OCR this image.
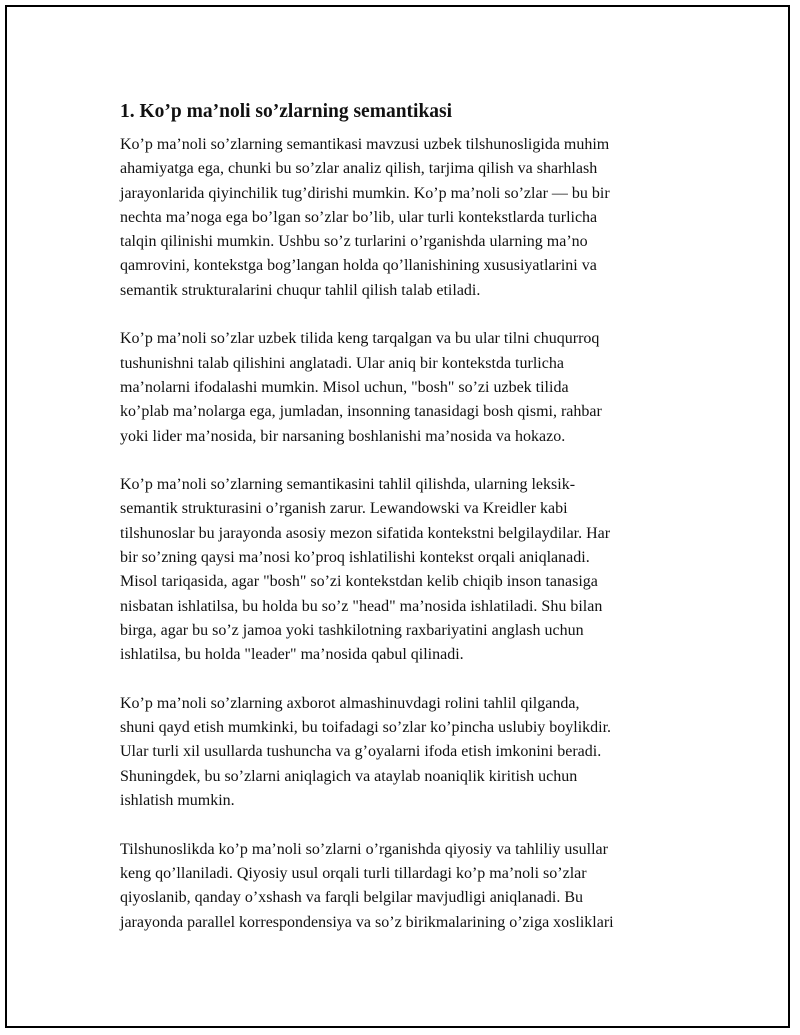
1. Ko’p ma’noli so’zlarning semantikasi
Ko’p ma’noli so’zlarning semantikasi mavzusi uzbek tilshunosligida muhim
ahamiyatga ega, chunki bu so’zlar analiz qilish, tarjima qilish va sharhlash
jarayonlarida qiyinchilik tug’dirishi mumkin. Ko’p ma’noli so’zlar — bu bir
nechta ma’noga ega bo’lgan so’zlar bo’lib, ular turli kontekstlarda turlicha
talqin qilinishi mumkin. Ushbu so’z turlarini o’rganishda ularning ma’no
qamrovini, kontekstga bog’langan holda qo’llanishining xususiyatlarini va
semantik strukturalarini chuqur tahlil qilish talab etiladi.
Ko’p ma’noli so’zlar uzbek tilida keng tarqalgan va bu ular tilni chuqurroq
tushunishni talab qilishini anglatadi. Ular aniq bir kontekstda turlicha
ma’nolarni ifodalashi mumkin. Misol uchun, "bosh" so’zi uzbek tilida
ko’plab ma’nolarga ega, jumladan, insonning tanasidagi bosh qismi, rahbar
yoki lider ma’nosida, bir narsaning boshlanishi ma’nosida va hokazo.
Ko’p ma’noli so’zlarning semantikasini tahlil qilishda, ularning leksik-
semantik strukturasini o’rganish zarur. Lewandowski va Kreidler kabi
tilshunoslar bu jarayonda asosiy mezon sifatida kontekstni belgilaydilar. Har
bir so’zning qaysi ma’nosi ko’proq ishlatilishi kontekst orqali aniqlanadi.
Misol tariqasida, agar "bosh" so’zi kontekstdan kelib chiqib inson tanasiga
nisbatan ishlatilsa, bu holda bu so’z "head" ma’nosida ishlatiladi. Shu bilan
birga, agar bu so’z jamoa yoki tashkilotning raxbariyatini anglash uchun
ishlatilsa, bu holda "leader" ma’nosida qabul qilinadi.
Ko’p ma’noli so’zlarning axborot almashinuvdagi rolini tahlil qilganda,
shuni qayd etish mumkinki, bu toifadagi so’zlar ko’pincha uslubiy boylikdir.
Ular turli xil usullarda tushuncha va g’oyalarni ifoda etish imkonini beradi.
Shuningdek, bu so’zlarni aniqlagich va ataylab noaniqlik kiritish uchun
ishlatish mumkin.
Tilshunoslikda ko’p ma’noli so’zlarni o’rganishda qiyosiy va tahliliy usullar
keng qo’llaniladi. Qiyosiy usul orqali turli tillardagi ko’p ma’noli so’zlar
qiyoslanib, qanday o’xshash va farqli belgilar mavjudligi aniqlanadi. Bu
jarayonda parallel korrespondensiya va so’z birikmalarining o’ziga xosliklari
